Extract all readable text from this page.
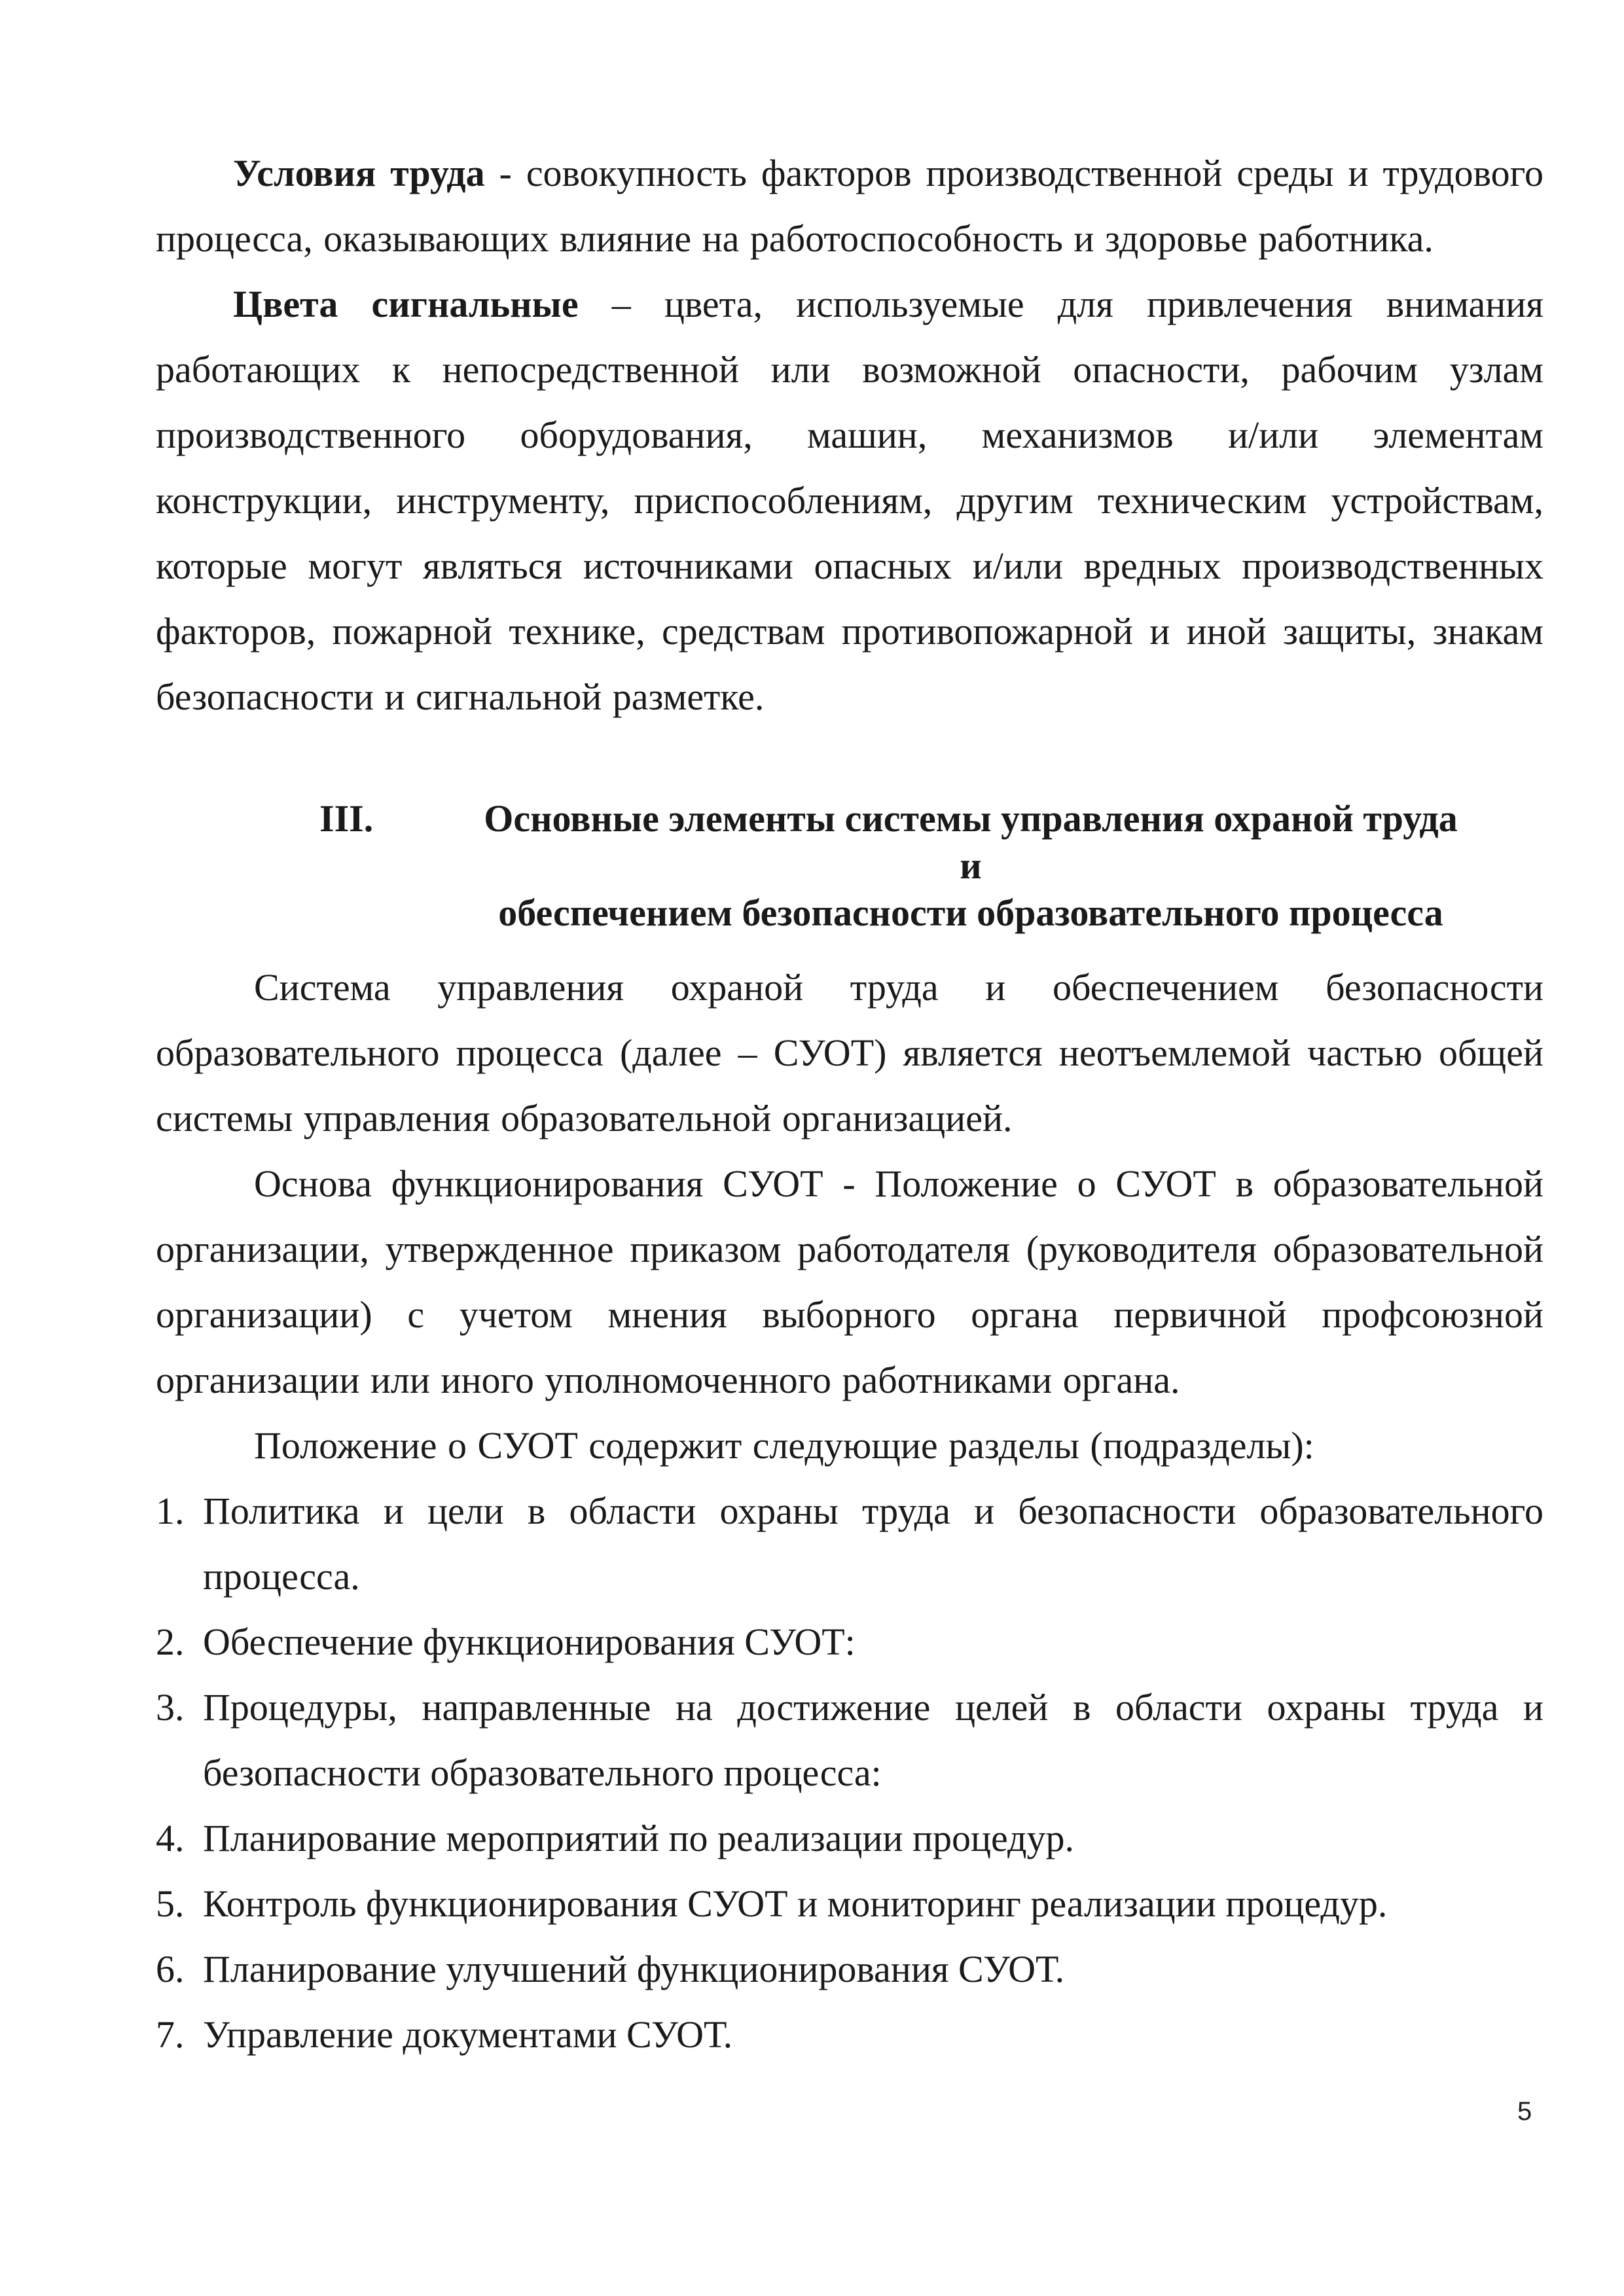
Условия труда - совокупность факторов производственной среды и трудового процесса, оказывающих влияние на работоспособность и здоровье работника.

Цвета сигнальные – цвета, используемые для привлечения внимания работающих к непосредственной или возможной опасности, рабочим узлам производственного оборудования, машин, механизмов и/или элементам конструкции, инструменту, приспособлениям, другим техническим устройствам, которые могут являться источниками опасных и/или вредных производственных факторов, пожарной технике, средствам противопожарной и иной защиты, знакам безопасности и сигнальной разметке.

III.	Основные элементы системы управления охраной труда и
обеспечением безопасности образовательного процесса

Система управления охраной труда и обеспечением безопасности образовательного процесса (далее – СУОТ) является неотъемлемой частью общей системы управления образовательной организацией.

Основа функционирования СУОТ - Положение о СУОТ в образовательной организации, утвержденное приказом работодателя (руководителя образовательной организации) с учетом мнения выборного органа первичной профсоюзной организации или иного уполномоченного работниками органа.

Положение о СУОТ содержит следующие разделы (подразделы):

1. Политика и цели в области охраны труда и безопасности образовательного процесса.
2. Обеспечение функционирования СУОТ:
3. Процедуры, направленные на достижение целей в области охраны труда и безопасности образовательного процесса:
4. Планирование мероприятий по реализации процедур.
5. Контроль функционирования СУОТ и мониторинг реализации процедур.
6. Планирование улучшений функционирования СУОТ.
7. Управление документами СУОТ.
5
